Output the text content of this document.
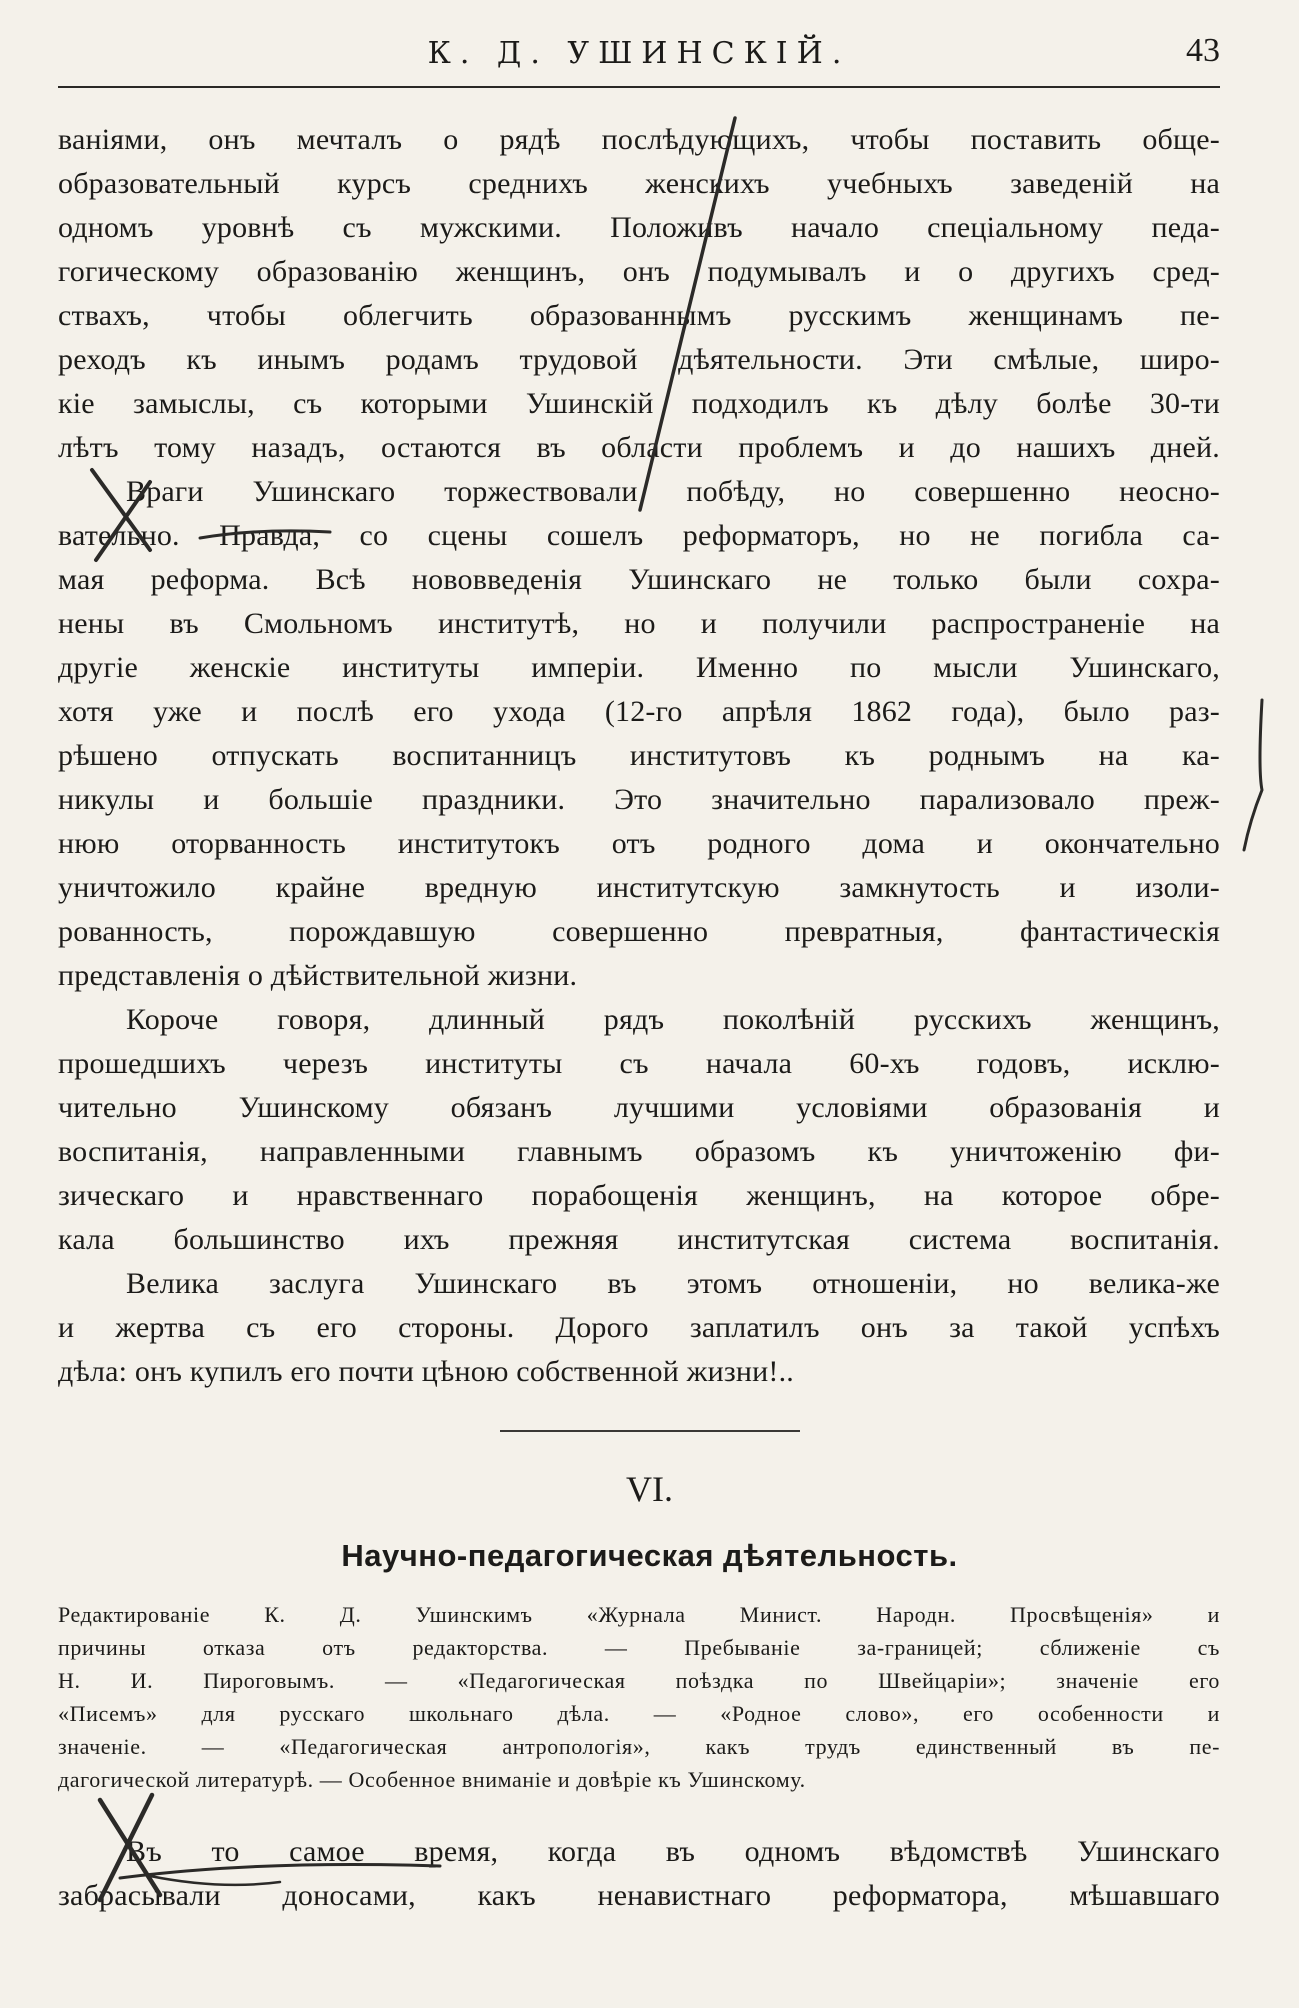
К. Д. УШИНСКІЙ.	43
ваніями, онъ мечталъ о рядѣ послѣдующихъ, чтобы поставить обще-
образовательный курсъ среднихъ женскихъ учебныхъ заведеній на
одномъ уровнѣ съ мужскими. Положивъ начало спеціальному педа-
гогическому образованію женщинъ, онъ подумывалъ и о другихъ сред-
ствахъ, чтобы облегчить образованнымъ русскимъ женщинамъ пе-
реходъ къ инымъ родамъ трудовой дѣятельности. Эти смѣлые, широ-
кіе замыслы, съ которыми Ушинскій подходилъ къ дѣлу болѣе 30-ти
лѣтъ тому назадъ, остаются въ области проблемъ и до нашихъ дней.
Враги Ушинскаго торжествовали побѣду, но совершенно неосно-
вательно. Правда, со сцены сошелъ реформаторъ, но не погибла са-
мая реформа. Всѣ нововведенія Ушинскаго не только были сохра-
нены въ Смольномъ институтѣ, но и получили распространеніе на
другіе женскіе институты имперіи. Именно по мысли Ушинскаго,
хотя уже и послѣ его ухода (12-го апрѣля 1862 года), было раз-
рѣшено отпускать воспитанницъ институтовъ къ роднымъ на ка-
никулы и большіе праздники. Это значительно парализовало преж-
нюю оторванность институтокъ отъ родного дома и окончательно
уничтожило крайне вредную институтскую замкнутость и изоли-
рованность, порождавшую совершенно превратныя, фантастическія
представленія о дѣйствительной жизни.
Короче говоря, длинный рядъ поколѣній русскихъ женщинъ,
прошедшихъ черезъ институты съ начала 60-хъ годовъ, исклю-
чительно Ушинскому обязанъ лучшими условіями образованія и
воспитанія, направленными главнымъ образомъ къ уничтоженію фи-
зическаго и нравственнаго порабощенія женщинъ, на которое обре-
кала большинство ихъ прежняя институтская система воспитанія.
Велика заслуга Ушинскаго въ этомъ отношеніи, но велика-же
и жертва съ его стороны. Дорого заплатилъ онъ за такой успѣхъ
дѣла: онъ купилъ его почти цѣною собственной жизни!..
VI.
Научно-педагогическая дѣятельность.
Редактированіе К. Д. Ушинскимъ «Журнала Минист. Народн. Просвѣщенія» и
причины отказа отъ редакторства. — Пребываніе за-границей; сближеніе съ
Н. И. Пироговымъ. — «Педагогическая поѣздка по Швейцаріи»; значеніе его
«Писемъ» для русскаго школьнаго дѣла. — «Родное слово», его особенности и
значеніе. — «Педагогическая антропологія», какъ трудъ единственный въ пе-
дагогической литературѣ. — Особенное вниманіе и довѣріе къ Ушинскому.
Въ то самое время, когда въ одномъ вѣдомствѣ Ушинскаго
забрасывали доносами, какъ ненавистнаго реформатора, мѣшавшаго
